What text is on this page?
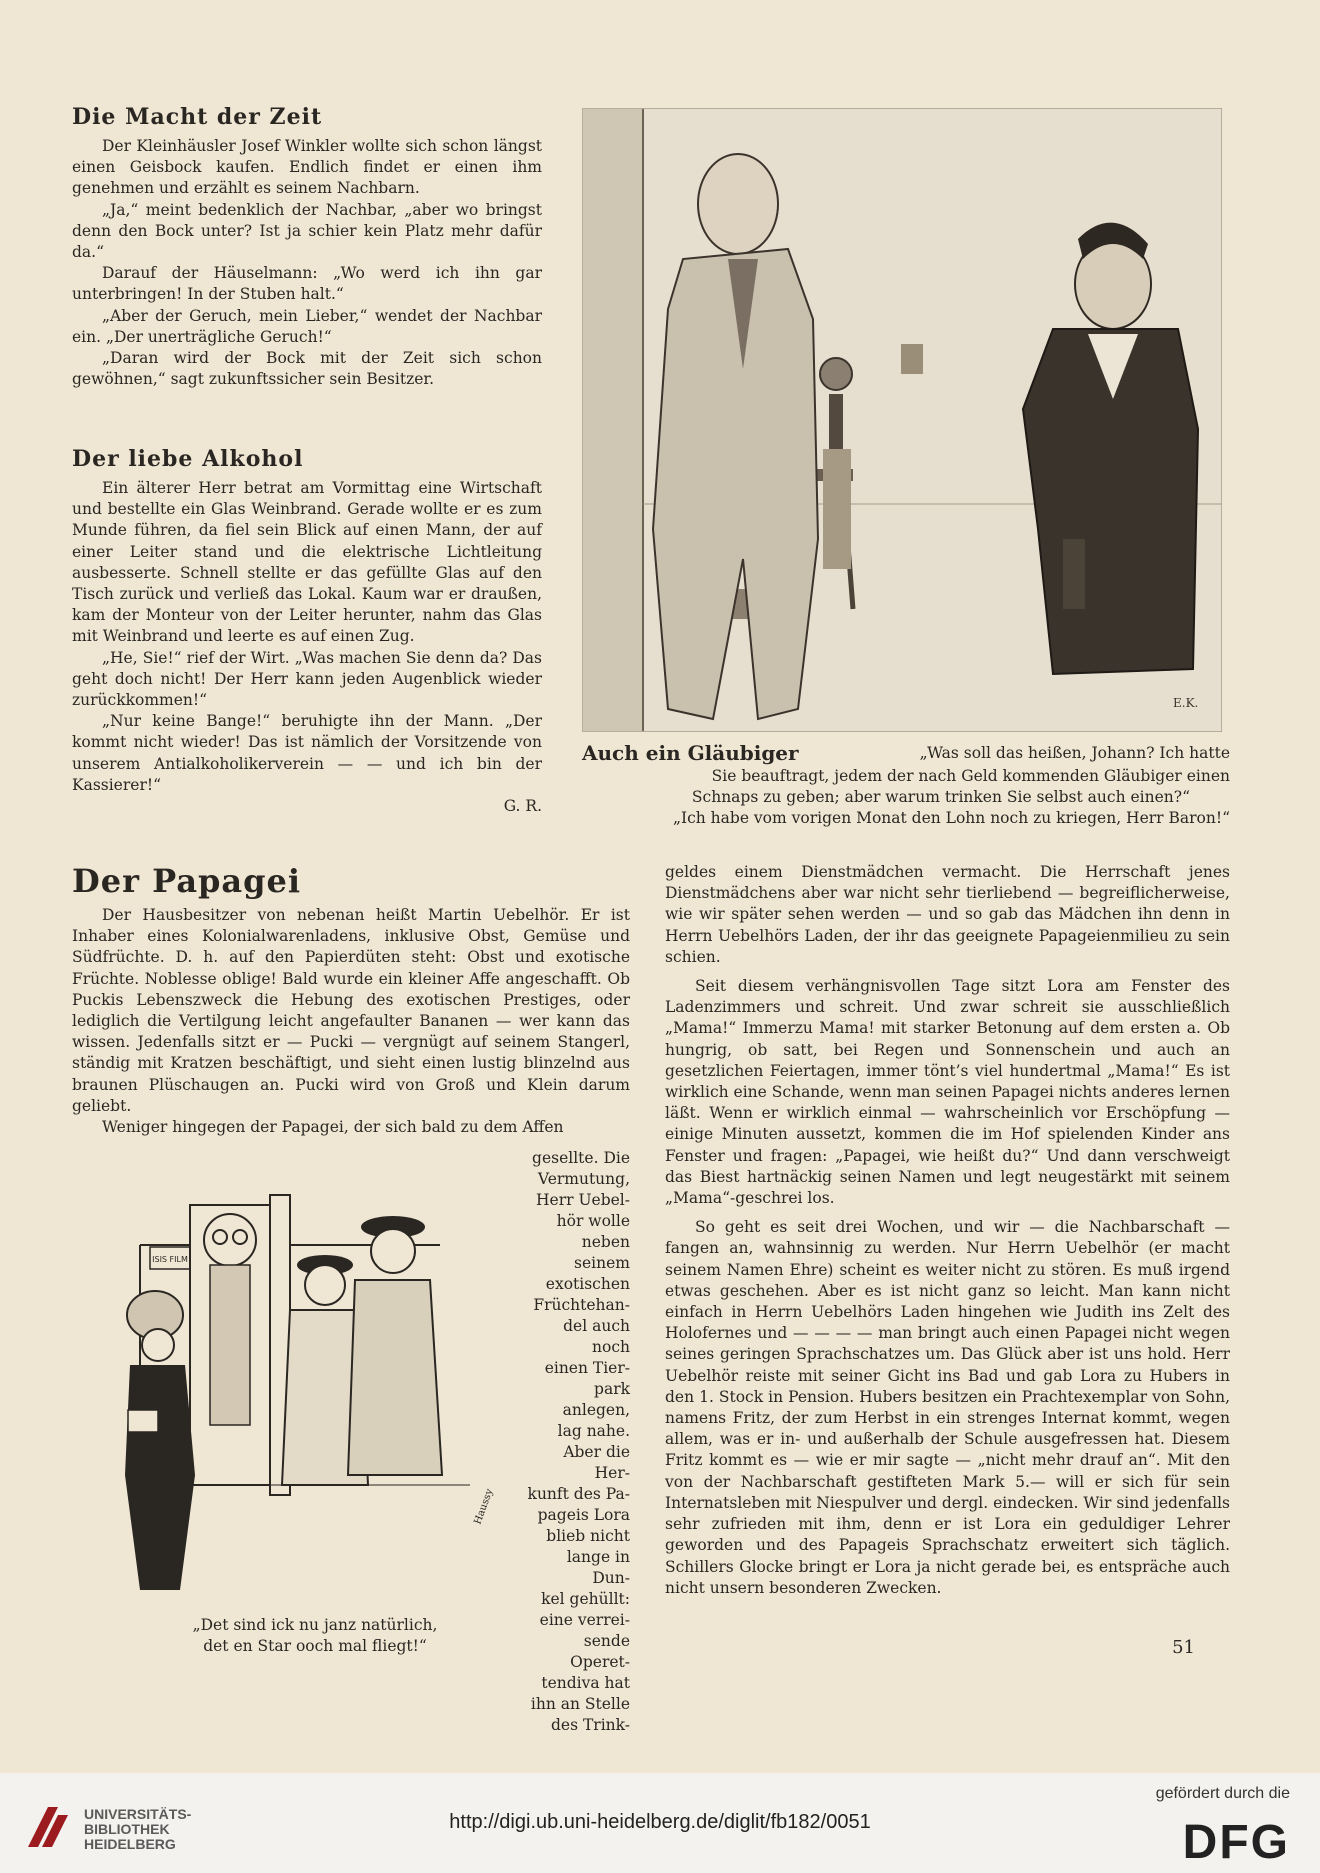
Die Macht der Zeit

Der Kleinhäusler Josef Winkler wollte sich schon längst einen Geisbock kaufen. Endlich findet er einen ihm genehmen und erzählt es seinem Nachbarn.

„Ja,“ meint bedenklich der Nachbar, „aber wo bringst denn den Bock unter? Ist ja schier kein Platz mehr dafür da.“

Darauf der Häuselmann: „Wo werd ich ihn gar unterbringen! In der Stuben halt.“

„Aber der Geruch, mein Lieber,“ wendet der Nachbar ein. „Der unerträgliche Geruch!“

„Daran wird der Bock mit der Zeit sich schon gewöhnen,“ sagt zukunftssicher sein Besitzer.

Der liebe Alkohol

Ein älterer Herr betrat am Vormittag eine Wirtschaft und bestellte ein Glas Weinbrand. Gerade wollte er es zum Munde führen, da fiel sein Blick auf einen Mann, der auf einer Leiter stand und die elektrische Lichtleitung ausbesserte. Schnell stellte er das gefüllte Glas auf den Tisch zurück und verließ das Lokal. Kaum war er draußen, kam der Monteur von der Leiter herunter, nahm das Glas mit Weinbrand und leerte es auf einen Zug.

„He, Sie!“ rief der Wirt. „Was machen Sie denn da? Das geht doch nicht! Der Herr kann jeden Augenblick wieder zurückkommen!“

„Nur keine Bange!“ beruhigte ihn der Mann. „Der kommt nicht wieder! Das ist nämlich der Vorsitzende von unserem Antialkoholikerverein — — und ich bin der Kassierer!“

G. R.
E.K.
Auch ein Gläubiger	„Was soll das heißen, Johann? Ich hatte
Sie beauftragt, jedem der nach Geld kommenden Gläubiger einen
Schnaps zu geben; aber warum trinken Sie selbst auch einen?“
„Ich habe vom vorigen Monat den Lohn noch zu kriegen, Herr Baron!“
Der Papagei

Der Hausbesitzer von nebenan heißt Martin Uebelhör. Er ist Inhaber eines Kolonialwarenladens, inklusive Obst, Gemüse und Südfrüchte. D. h. auf den Papierdüten steht: Obst und exotische Früchte. Noblesse oblige! Bald wurde ein kleiner Affe angeschafft. Ob Puckis Lebenszweck die Hebung des exotischen Prestiges, oder lediglich die Vertilgung leicht angefaulter Bananen — wer kann das wissen. Jedenfalls sitzt er — Pucki — vergnügt auf seinem Stangerl, ständig mit Kratzen beschäftigt, und sieht einen lustig blinzelnd aus braunen Plüschaugen an. Pucki wird von Groß und Klein darum geliebt.

Weniger hingegen der Papagei, der sich bald zu dem Affen

gesellte. Die
Vermutung,
Herr Uebel-
hör wolle
neben seinem
exotischen
Früchtehan-
del auch noch
einen Tier-
park anlegen,
lag nahe.
Aber die Her-
kunft des Pa-
pageis Lora
blieb nicht
lange in Dun-
kel gehüllt:
eine verrei-
sende Operet-
tendiva hat
ihn an Stelle
des Trink-
ISIS FILM
Haussy
„Det sind ick nu janz natürlich,
det en Star ooch mal fliegt!“

geldes einem Dienstmädchen vermacht. Die Herrschaft jenes Dienstmädchens aber war nicht sehr tierliebend — begreiflicherweise, wie wir später sehen werden — und so gab das Mädchen ihn denn in Herrn Uebelhörs Laden, der ihr das geeignete Papageienmilieu zu sein schien.

Seit diesem verhängnisvollen Tage sitzt Lora am Fenster des Ladenzimmers und schreit. Und zwar schreit sie ausschließlich „Mama!“ Immerzu Mama! mit starker Betonung auf dem ersten a. Ob hungrig, ob satt, bei Regen und Sonnenschein und auch an gesetzlichen Feiertagen, immer tönt’s viel hundertmal „Mama!“ Es ist wirklich eine Schande, wenn man seinen Papagei nichts anderes lernen läßt. Wenn er wirklich einmal — wahrscheinlich vor Erschöpfung — einige Minuten aussetzt, kommen die im Hof spielenden Kinder ans Fenster und fragen: „Papagei, wie heißt du?“ Und dann verschweigt das Biest hartnäckig seinen Namen und legt neugestärkt mit seinem „Mama“-geschrei los.

So geht es seit drei Wochen, und wir — die Nachbarschaft — fangen an, wahnsinnig zu werden. Nur Herrn Uebelhör (er macht seinem Namen Ehre) scheint es weiter nicht zu stören. Es muß irgend etwas geschehen. Aber es ist nicht ganz so leicht. Man kann nicht einfach in Herrn Uebelhörs Laden hingehen wie Judith ins Zelt des Holofernes und — — — — man bringt auch einen Papagei nicht wegen seines geringen Sprachschatzes um. Das Glück aber ist uns hold. Herr Uebelhör reiste mit seiner Gicht ins Bad und gab Lora zu Hubers in den 1. Stock in Pension. Hubers besitzen ein Prachtexemplar von Sohn, namens Fritz, der zum Herbst in ein strenges Internat kommt, wegen allem, was er in- und außerhalb der Schule ausgefressen hat. Diesem Fritz kommt es — wie er mir sagte — „nicht mehr drauf an“. Mit den von der Nachbarschaft gestifteten Mark 5.— will er sich für sein Internatsleben mit Niespulver und dergl. eindecken. Wir sind jedenfalls sehr zufrieden mit ihm, denn er ist Lora ein geduldiger Lehrer geworden und des Papageis Sprachschatz erweitert sich täglich. Schillers Glocke bringt er Lora ja nicht gerade bei, es entspräche auch nicht unsern besonderen Zwecken.

51
UNIVERSITÄTS-
BIBLIOTHEK
HEIDELBERG
http://digi.ub.uni-heidelberg.de/diglit/fb182/0051
gefördert durch die
DFG
